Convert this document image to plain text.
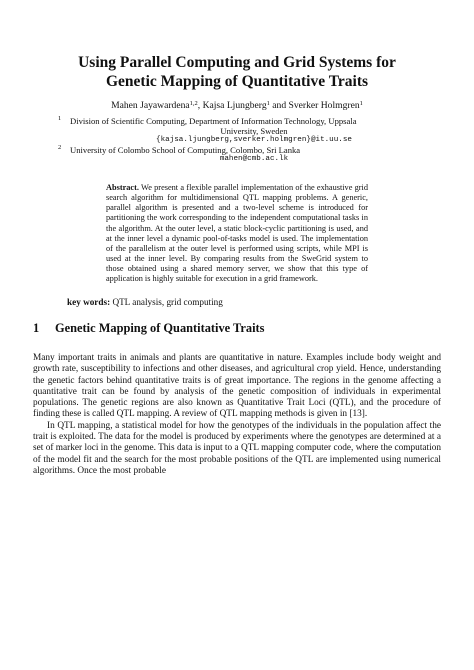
Using Parallel Computing and Grid Systems for
Genetic Mapping of Quantitative Traits
Mahen Jayawardena$^{1,2}$, Kajsa Ljungberg$^1$ and Sverker Holmgren$^1$
1 Division of Scientific Computing, Department of Information Technology, Uppsala
University, Sweden
{kajsa.ljungberg,sverker.holmgren}@it.uu.se
2 University of Colombo School of Computing, Colombo, Sri Lanka
mahen@cmb.ac.lk
Abstract. We present a flexible parallel implementation of the exhaustive grid search algorithm for multidimensional QTL mapping problems. A generic, parallel algorithm is presented and a two-level scheme is introduced for partitioning the work corresponding to the independent computational tasks in the algorithm. At the outer level, a static block-cyclic partitioning is used, and at the inner level a dynamic pool-of-tasks model is used. The implementation of the parallelism at the outer level is performed using scripts, while MPI is used at the inner level. By comparing results from the SweGrid system to those obtained using a shared memory server, we show that this type of application is highly suitable for execution in a grid framework.
key words: QTL analysis, grid computing
1 Genetic Mapping of Quantitative Traits

Many important traits in animals and plants are quantitative in nature. Examples include body weight and growth rate, susceptibility to infections and other diseases, and agricultural crop yield. Hence, understanding the genetic factors behind quantitative traits is of great importance. The regions in the genome affecting a quantitative trait can be found by analysis of the genetic composition of individuals in experimental populations. The genetic regions are also known as Quantitative Trait Loci (QTL), and the procedure of finding these is called QTL mapping. A review of QTL mapping methods is given in [13].

In QTL mapping, a statistical model for how the genotypes of the individuals in the population affect the trait is exploited. The data for the model is produced by experiments where the genotypes are determined at a set of marker loci in the genome. This data is input to a QTL mapping computer code, where the computation of the model fit and the search for the most probable positions of the QTL are implemented using numerical algorithms. Once the most probable
